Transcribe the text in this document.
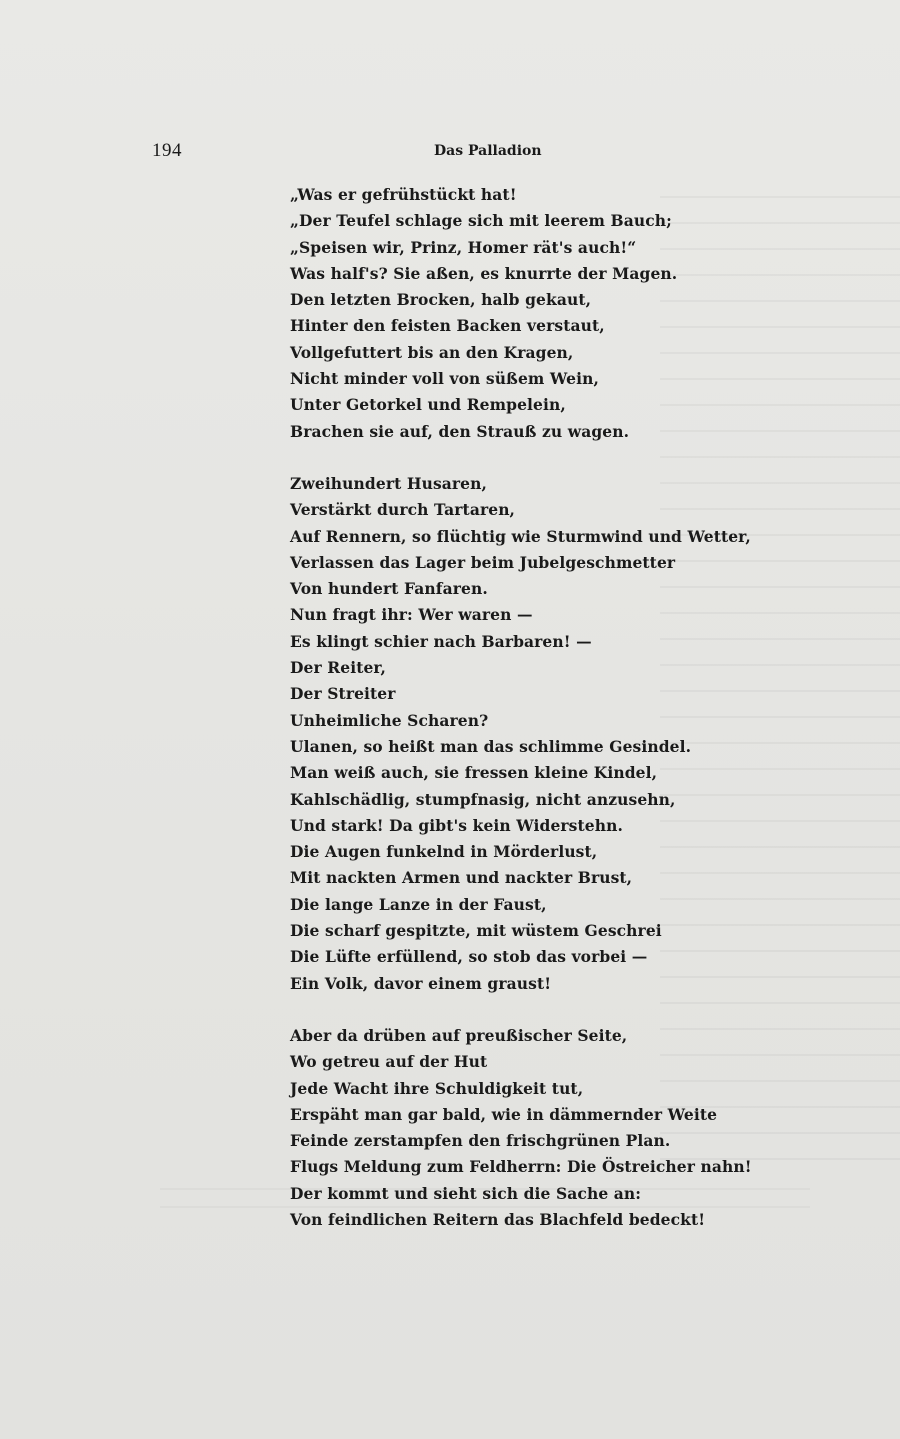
194	Das Palladion
„Was er gefrühstückt hat!
„Der Teufel schlage sich mit leerem Bauch;
„Speisen wir, Prinz, Homer rät's auch!“
Was half's? Sie aßen, es knurrte der Magen.
Den letzten Brocken, halb gekaut,
Hinter den feisten Backen verstaut,
Vollgefuttert bis an den Kragen,
Nicht minder voll von süßem Wein,
Unter Getorkel und Rempelein,
Brachen sie auf, den Strauß zu wagen.
Zweihundert Husaren,
Verstärkt durch Tartaren,
Auf Rennern, so flüchtig wie Sturmwind und Wetter,
Verlassen das Lager beim Jubelgeschmetter
Von hundert Fanfaren.
Nun fragt ihr: Wer waren —
Es klingt schier nach Barbaren! —
Der Reiter,
Der Streiter
Unheimliche Scharen?
Ulanen, so heißt man das schlimme Gesindel.
Man weiß auch, sie fressen kleine Kindel,
Kahlschädlig, stumpfnasig, nicht anzusehn,
Und stark! Da gibt's kein Widerstehn.
Die Augen funkelnd in Mörderlust,
Mit nackten Armen und nackter Brust,
Die lange Lanze in der Faust,
Die scharf gespitzte, mit wüstem Geschrei
Die Lüfte erfüllend, so stob das vorbei —
Ein Volk, davor einem graust!
Aber da drüben auf preußischer Seite,
Wo getreu auf der Hut
Jede Wacht ihre Schuldigkeit tut,
Erspäht man gar bald, wie in dämmernder Weite
Feinde zerstampfen den frischgrünen Plan.
Flugs Meldung zum Feldherrn: Die Östreicher nahn!
Der kommt und sieht sich die Sache an:
Von feindlichen Reitern das Blachfeld bedeckt!
